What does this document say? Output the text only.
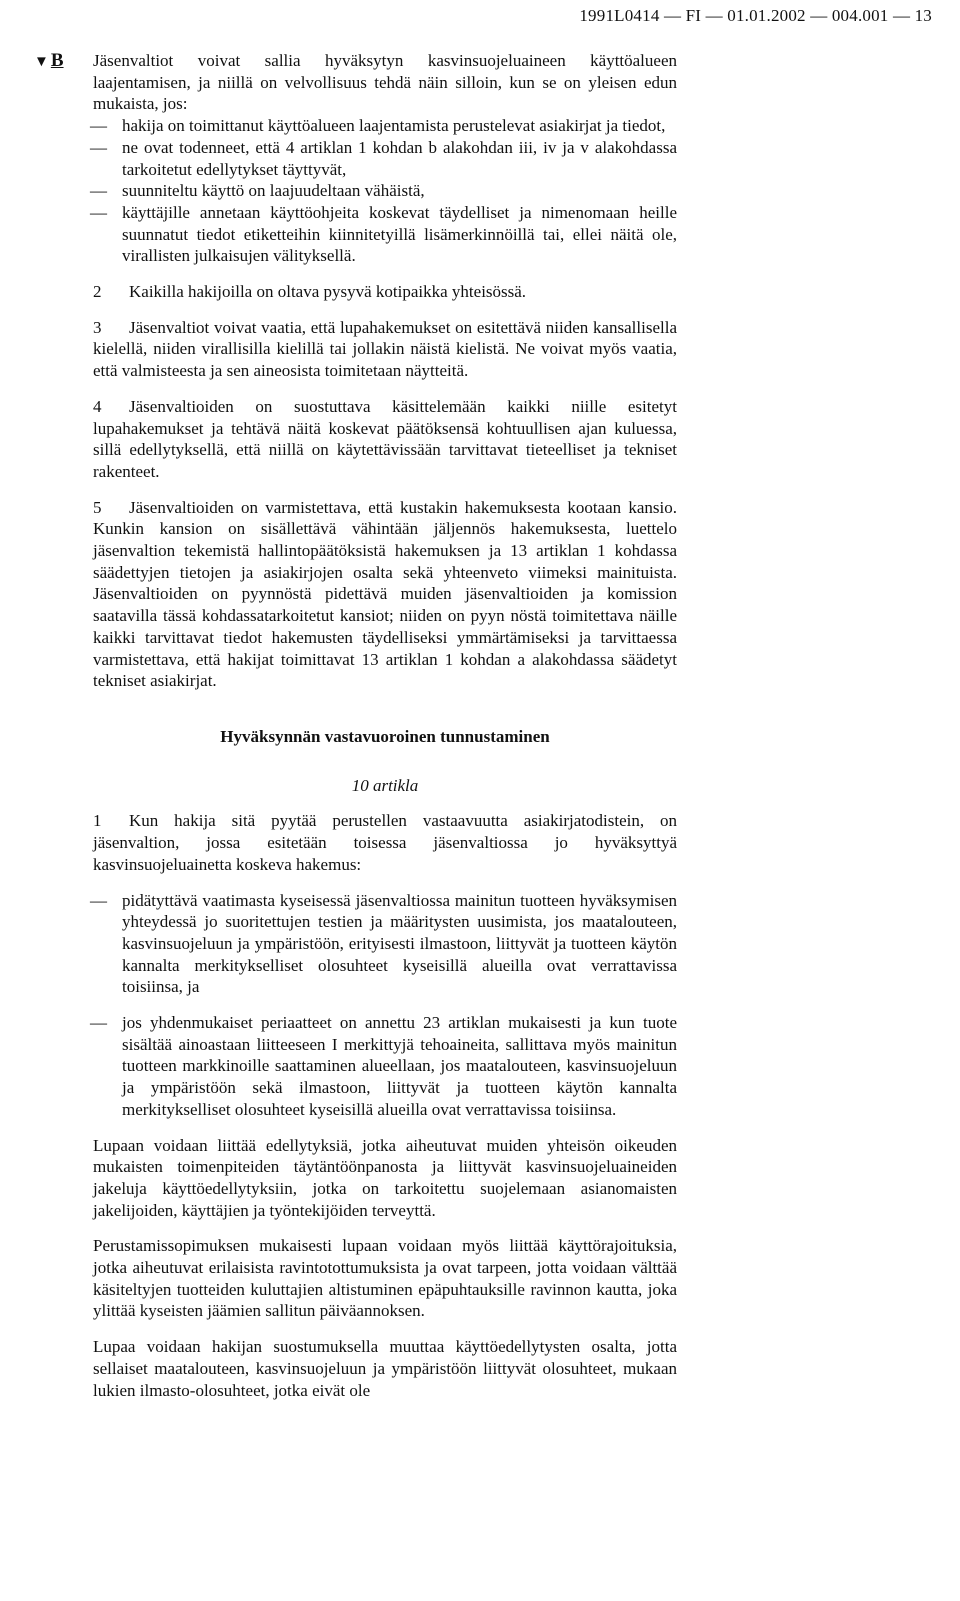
1991L0414 — FI — 01.01.2002 — 004.001 — 13
▼ B Jäsenvaltiot voivat sallia hyväksytyn kasvinsuojeluaineen käyttöalueen laajentamisen, ja niillä on velvollisuus tehdä näin silloin, kun se on yleisen edun mukaista, jos:

— hakija on toimittanut käyttöalueen laajentamista perustelevat asiakirjat ja tiedot,

— ne ovat todenneet, että 4 artiklan 1 kohdan b alakohdan iii, iv ja v alakohdassa tarkoitetut edellytykset täyttyvät,

— suunniteltu käyttö on laajuudeltaan vähäistä,

— käyttäjille annetaan käyttöohjeita koskevat täydelliset ja nimenomaan heille suunnatut tiedot etiketteihin kiinnitetyillä lisämerkinnöillä tai, ellei näitä ole, virallisten julkaisujen välityksellä.

2 Kaikilla hakijoilla on oltava pysyvä kotipaikka yhteisössä.

3 Jäsenvaltiot voivat vaatia, että lupahakemukset on esitettävä niiden kansallisella kielellä, niiden virallisilla kielillä tai jollakin näistä kielistä. Ne voivat myös vaatia, että valmisteesta ja sen aineosista toimitetaan näytteitä.

4 Jäsenvaltioiden on suostuttava käsittelemään kaikki niille esitetyt lupahakemukset ja tehtävä näitä koskevat päätöksensä kohtuullisen ajan kuluessa, sillä edellytyksellä, että niillä on käytettävissään tarvittavat tieteelliset ja tekniset rakenteet.

5 Jäsenvaltioiden on varmistettava, että kustakin hakemuksesta kootaan kansio. Kunkin kansion on sisällettävä vähintään jäljennös hakemuksesta, luettelo jäsenvaltion tekemistä hallintopäätöksistä hakemuksen ja 13 artiklan 1 kohdassa säädettyjen tietojen ja asiakirjojen osalta sekä yhteenveto viimeksi mainituista. Jäsenvaltioiden on pyynnöstä pidettävä muiden jäsenvaltioiden ja komission saatavilla tässä kohdassatarkoitetut kansiot; niiden on pyyn nöstä toimitettava näille kaikki tarvittavat tiedot hakemusten täydelliseksi ymmärtämiseksi ja tarvittaessa varmistettava, että hakijat toimittavat 13 artiklan 1 kohdan a alakohdassa säädetyt tekniset asiakirjat.

Hyväksynnän vastavuoroinen tunnustaminen

10 artikla

1 Kun hakija sitä pyytää perustellen vastaavuutta asiakirjatodistein, on jäsenvaltion, jossa esitetään toisessa jäsenvaltiossa jo hyväksyttyä kasvinsuojeluainetta koskeva hakemus:

— pidätyttävä vaatimasta kyseisessä jäsenvaltiossa mainitun tuotteen hyväksymisen yhteydessä jo suoritettujen testien ja määritysten uusimista, jos maatalouteen, kasvinsuojeluun ja ympäristöön, erityisesti ilmastoon, liittyvät ja tuotteen käytön kannalta merkitykselliset olosuhteet kyseisillä alueilla ovat verrattavissa toisiinsa, ja

— jos yhdenmukaiset periaatteet on annettu 23 artiklan mukaisesti ja kun tuote sisältää ainoastaan liitteeseen I merkittyjä tehoaineita, sallittava myös mainitun tuotteen markkinoille saattaminen alueellaan, jos maatalouteen, kasvinsuojeluun ja ympäristöön sekä ilmastoon, liittyvät ja tuotteen käytön kannalta merkitykselliset olosuhteet kyseisillä alueilla ovat verrattavissa toisiinsa.

Lupaan voidaan liittää edellytyksiä, jotka aiheutuvat muiden yhteisön oikeuden mukaisten toimenpiteiden täytäntöönpanosta ja liittyvät kasvinsuojeluaineiden jakeluja käyttöedellytyksiin, jotka on tarkoitettu suojelemaan asianomaisten jakelijoiden, käyttäjien ja työntekijöiden terveyttä.

Perustamissopimuksen mukaisesti lupaan voidaan myös liittää käyttörajoituksia, jotka aiheutuvat erilaisista ravintotottumuksista ja ovat tarpeen, jotta voidaan välttää käsiteltyjen tuotteiden kuluttajien altistuminen epäpuhtauksille ravinnon kautta, joka ylittää kyseisten jäämien sallitun päiväannoksen.

Lupaa voidaan hakijan suostumuksella muuttaa käyttöedellytysten osalta, jotta sellaiset maatalouteen, kasvinsuojeluun ja ympäristöön liittyvät olosuhteet, mukaan lukien ilmasto-olosuhteet, jotka eivät ole
